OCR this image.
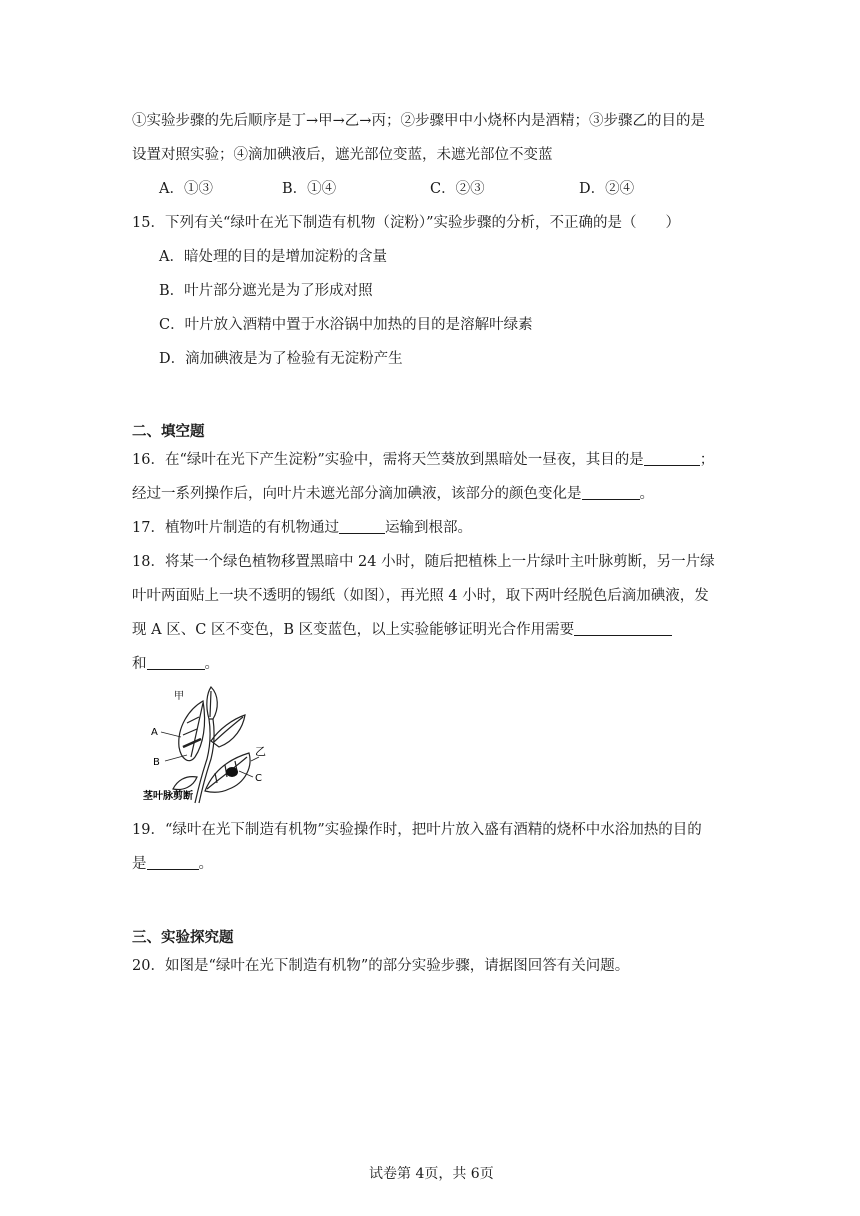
①实验步骤的先后顺序是丁→甲→乙→丙；②步骤甲中小烧杯内是酒精；③步骤乙的目的是
设置对照实验；④滴加碘液后，遮光部位变蓝，未遮光部位不变蓝
A．①③	B．①④	C．②③	D．②④
15．下列有关“绿叶在光下制造有机物（淀粉）”实验步骤的分析，不正确的是（　　）
A．暗处理的目的是增加淀粉的含量
B．叶片部分遮光是为了形成对照
C．叶片放入酒精中置于水浴锅中加热的目的是溶解叶绿素
D．滴加碘液是为了检验有无淀粉产生
二、填空题
16．在“绿叶在光下产生淀粉”实验中，需将天竺葵放到黑暗处一昼夜，其目的是	；
经过一系列操作后，向叶片未遮光部分滴加碘液，该部分的颜色变化是	。
17．植物叶片制造的有机物通过	运输到根部。
18．将某一个绿色植物移置黑暗中 24 小时，随后把植株上一片绿叶主叶脉剪断，另一片绿
叶叶两面贴上一块不透明的锡纸（如图），再光照 4 小时，取下两叶经脱色后滴加碘液，发
现 A 区、C 区不变色，B 区变蓝色，以上实验能够证明光合作用需要
和	。
甲
乙
A
B
C
茎叶脉剪断
19．“绿叶在光下制造有机物”实验操作时，把叶片放入盛有酒精的烧杯中水浴加热的目的
是	。
三、实验探究题
20．如图是“绿叶在光下制造有机物”的部分实验步骤，请据图回答有关问题。
试卷第 4页，共 6页
